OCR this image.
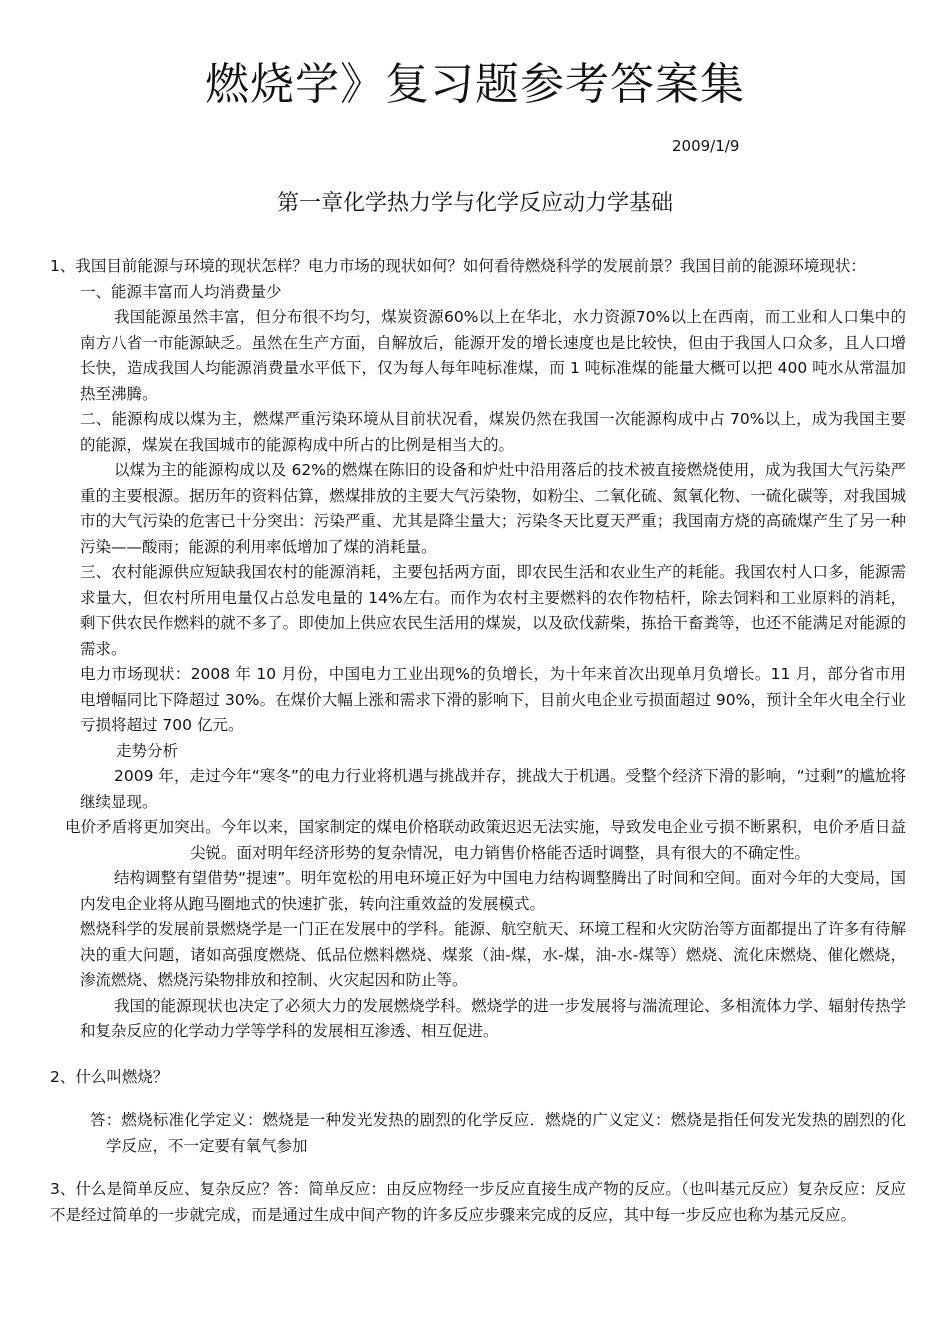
燃烧学》复习题参考答案集
2009/1/9
第一章化学热力学与化学反应动力学基础

1、我国目前能源与环境的现状怎样？电力市场的现状如何？如何看待燃烧科学的发展前景？我国目前的能源环境现状：

一、能源丰富而人均消费量少

我国能源虽然丰富，但分布很不均匀，煤炭资源60%以上在华北，水力资源70%以上在西南，而工业和人口集中的南方八省一市能源缺乏。虽然在生产方面，自解放后，能源开发的增长速度也是比较快，但由于我国人口众多，且人口增长快，造成我国人均能源消费量水平低下，仅为每人每年吨标准煤，而 1 吨标准煤的能量大概可以把 400 吨水从常温加热至沸腾。

二、能源构成以煤为主，燃煤严重污染环境从目前状况看，煤炭仍然在我国一次能源构成中占 70%以上，成为我国主要的能源，煤炭在我国城市的能源构成中所占的比例是相当大的。

以煤为主的能源构成以及 62%的燃煤在陈旧的设备和炉灶中沿用落后的技术被直接燃烧使用，成为我国大气污染严重的主要根源。据历年的资料估算，燃煤排放的主要大气污染物，如粉尘、二氧化硫、氮氧化物、一硫化碳等，对我国城市的大气污染的危害已十分突出：污染严重、尤其是降尘量大；污染冬天比夏天严重；我国南方烧的高硫煤产生了另一种污染——酸雨；能源的利用率低增加了煤的消耗量。

三、农村能源供应短缺我国农村的能源消耗，主要包括两方面，即农民生活和农业生产的耗能。我国农村人口多，能源需求量大，但农村所用电量仅占总发电量的 14%左右。而作为农村主要燃料的农作物桔杆，除去饲料和工业原料的消耗，剩下供农民作燃料的就不多了。即使加上供应农民生活用的煤炭，以及砍伐薪柴，拣拾干畜粪等，也还不能满足对能源的需求。

电力市场现状：2008 年 10 月份，中国电力工业出现%的负增长，为十年来首次出现单月负增长。11 月，部分省市用电增幅同比下降超过 30%。在煤价大幅上涨和需求下滑的影响下，目前火电企业亏损面超过 90%，预计全年火电全行业亏损将超过 700 亿元。

走势分析

2009 年，走过今年“寒冬”的电力行业将机遇与挑战并存，挑战大于机遇。受整个经济下滑的影响，“过剩”的尴尬将继续显现。

电价矛盾将更加突出。今年以来，国家制定的煤电价格联动政策迟迟无法实施，导致发电企业亏损不断累积，电价矛盾日益尖锐。面对明年经济形势的复杂情况，电力销售价格能否适时调整，具有很大的不确定性。

结构调整有望借势“提速”。明年宽松的用电环境正好为中国电力结构调整腾出了时间和空间。面对今年的大变局，国内发电企业将从跑马圈地式的快速扩张，转向注重效益的发展模式。

燃烧科学的发展前景燃烧学是一门正在发展中的学科。能源、航空航天、环境工程和火灾防治等方面都提出了许多有待解决的重大问题，诸如高强度燃烧、低品位燃料燃烧、煤浆（油-煤，水-煤，油-水-煤等）燃烧、流化床燃烧、催化燃烧，渗流燃烧、燃烧污染物排放和控制、火灾起因和防止等。

我国的能源现状也决定了必须大力的发展燃烧学科。燃烧学的进一步发展将与湍流理论、多相流体力学、辐射传热学和复杂反应的化学动力学等学科的发展相互渗透、相互促进。

2、什么叫燃烧？

答：燃烧标准化学定义：燃烧是一种发光发热的剧烈的化学反应．燃烧的广义定义：燃烧是指任何发光发热的剧烈的化学反应，不一定要有氧气参加

3、什么是简单反应、复杂反应？答：简单反应：由反应物经一步反应直接生成产物的反应。（也叫基元反应）复杂反应：反应不是经过简单的一步就完成，而是通过生成中间产物的许多反应步骤来完成的反应，其中每一步反应也称为基元反应。
